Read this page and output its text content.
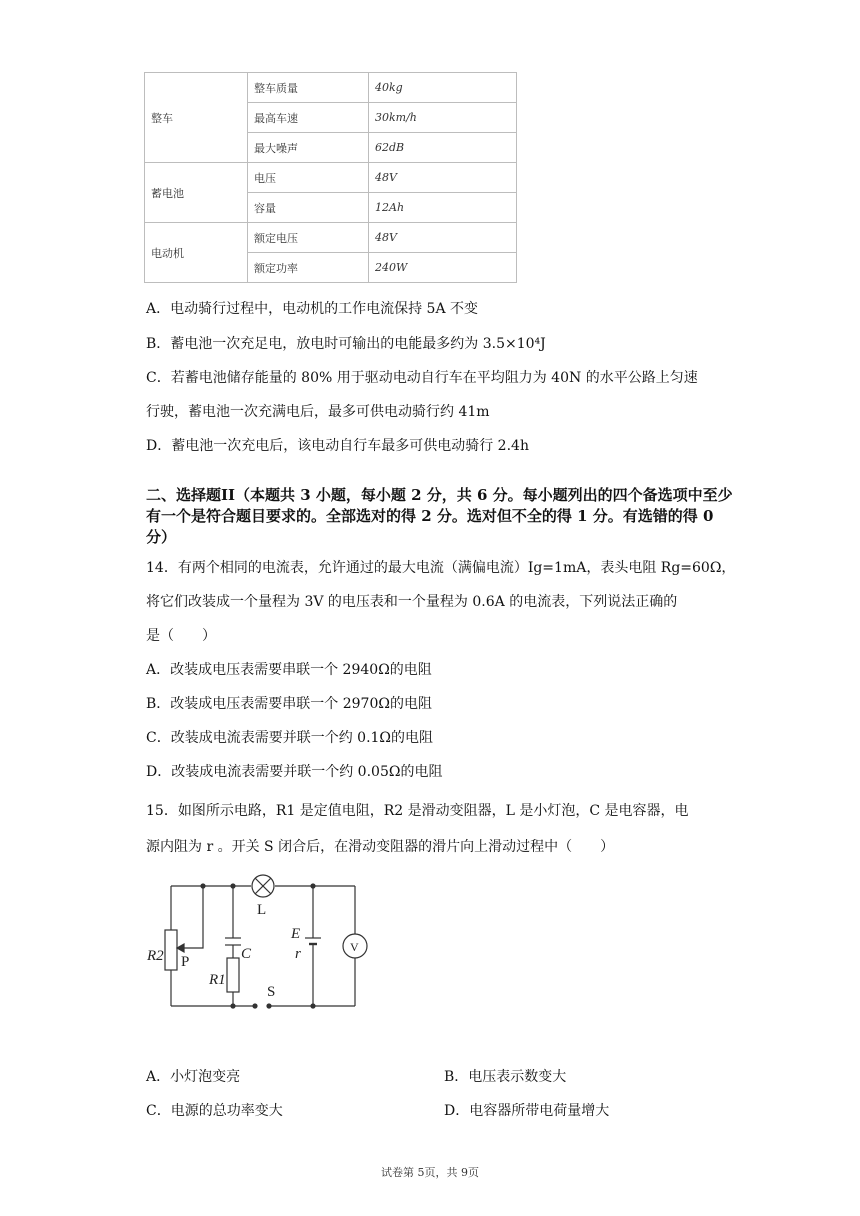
整车	整车质量	40kg
	最高车速	30km/h
	最大噪声	62dB
蓄电池	电压	48V
	容量	12Ah
电动机	额定电压	48V
	额定功率	240W
A．电动骑行过程中，电动机的工作电流保持 5A 不变
B．蓄电池一次充足电，放电时可输出的电能最多约为 3.5×10⁴J
C．若蓄电池储存能量的 80% 用于驱动电动自行车在平均阻力为 40N 的水平公路上匀速
行驶，蓄电池一次充满电后，最多可供电动骑行约 41m
D．蓄电池一次充电后，该电动自行车最多可供电动骑行 2.4h
二、选择题II（本题共 3 小题，每小题 2 分，共 6 分。每小题列出的四个备选项中至少有一个是符合题目要求的。全部选对的得 2 分。选对但不全的得 1 分。有选错的得 0 分）
14．有两个相同的电流表，允许通过的最大电流（满偏电流）Ig=1mA，表头电阻 Rg=60Ω，
将它们改装成一个量程为 3V 的电压表和一个量程为 0.6A 的电流表，下列说法正确的
是（　　）
A．改装成电压表需要串联一个 2940Ω的电阻
B．改装成电压表需要串联一个 2970Ω的电阻
C．改装成电流表需要并联一个约 0.1Ω的电阻
D．改装成电流表需要并联一个约 0.05Ω的电阻
15．如图所示电路，R1 是定值电阻，R2 是滑动变阻器，L 是小灯泡，C 是电容器，电
源内阻为 r 。开关 S 闭合后，在滑动变阻器的滑片向上滑动过程中（　　）
L
C
R2 P
R1
S
E
r	V
A．小灯泡变亮	B．电压表示数变大
C．电源的总功率变大	D．电容器所带电荷量增大
试卷第 5页，共 9页
